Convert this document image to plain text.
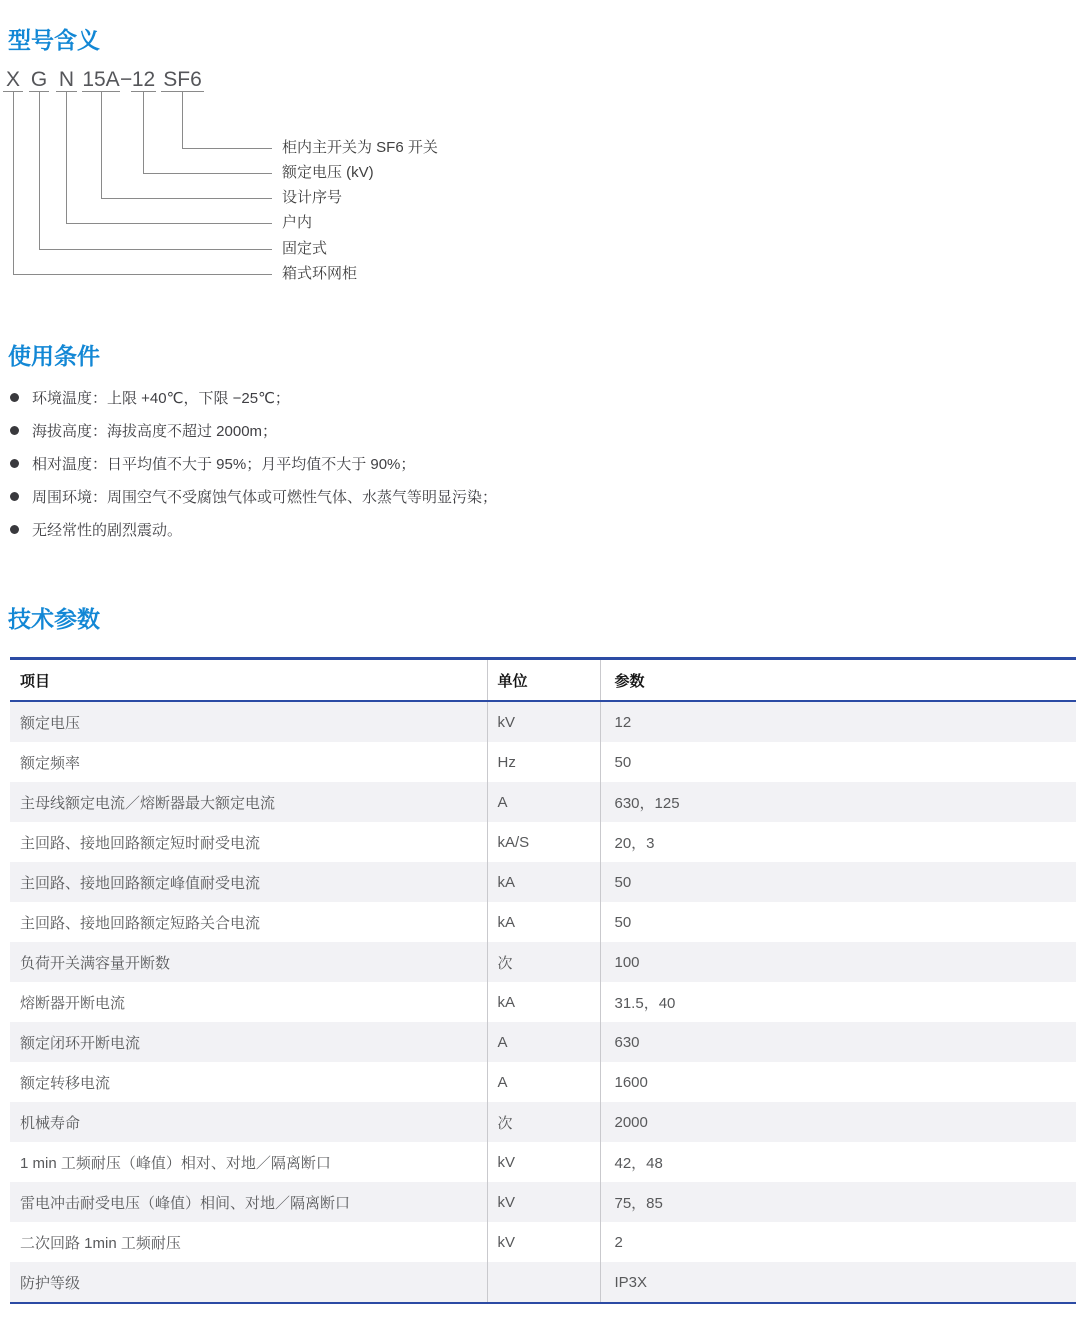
型号含义
X G N 15A − 12 SF6
柜内主开关为 SF6 开关
额定电压 (kV)
设计序号
户内
固定式
箱式环网柜
使用条件
环境温度：上限 +40℃，下限 −25℃；
海拔高度：海拔高度不超过 2000m；
相对温度：日平均值不大于 95%；月平均值不大于 90%；
周围环境：周围空气不受腐蚀气体或可燃性气体、水蒸气等明显污染；
无经常性的剧烈震动。
技术参数
项目	单位	参数
额定电压	kV	12
额定频率	Hz	50
主母线额定电流／熔断器最大额定电流	A	630，125
主回路、接地回路额定短时耐受电流	kA/S	20，3
主回路、接地回路额定峰值耐受电流	kA	50
主回路、接地回路额定短路关合电流	kA	50
负荷开关满容量开断数	次	100
熔断器开断电流	kA	31.5，40
额定闭环开断电流	A	630
额定转移电流	A	1600
机械寿命	次	2000
1 min 工频耐压（峰值）相对、对地／隔离断口	kV	42，48
雷电冲击耐受电压（峰值）相间、对地／隔离断口	kV	75，85
二次回路 1min 工频耐压	kV	2
防护等级		IP3X
